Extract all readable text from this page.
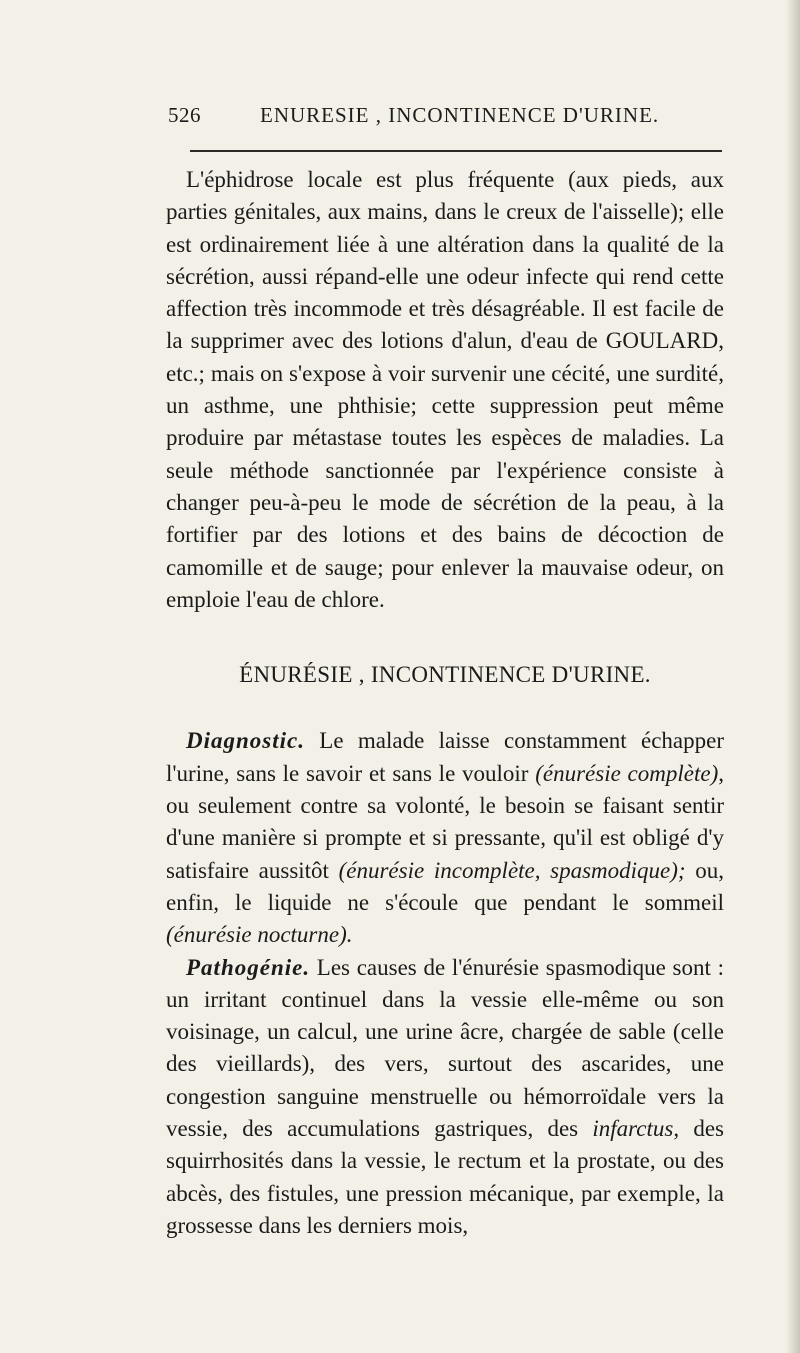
526	ENURESIE , INCONTINENCE D'URINE.

L'éphidrose locale est plus fréquente (aux pieds, aux parties génitales, aux mains, dans le creux de l'aisselle); elle est ordinairement liée à une altération dans la qualité de la sécrétion, aussi répand-elle une odeur infecte qui rend cette affection très incommode et très désagréable. Il est facile de la supprimer avec des lotions d'alun, d'eau de GOULARD, etc.; mais on s'expose à voir survenir une cécité, une surdité, un asthme, une phthisie; cette suppression peut même produire par métastase toutes les espèces de maladies. La seule méthode sanctionnée par l'expérience consiste à changer peu-à-peu le mode de sécrétion de la peau, à la fortifier par des lotions et des bains de décoction de camomille et de sauge; pour enlever la mauvaise odeur, on emploie l'eau de chlore.

ÉNURÉSIE , INCONTINENCE D'URINE.

Diagnostic. Le malade laisse constamment échapper l'urine, sans le savoir et sans le vouloir (énurésie complète), ou seulement contre sa volonté, le besoin se faisant sentir d'une manière si prompte et si pressante, qu'il est obligé d'y satisfaire aussitôt (énurésie incomplète, spasmodique); ou, enfin, le liquide ne s'écoule que pendant le sommeil (énurésie nocturne).

Pathogénie. Les causes de l'énurésie spasmodique sont : un irritant continuel dans la vessie elle-même ou son voisinage, un calcul, une urine âcre, chargée de sable (celle des vieillards), des vers, surtout des ascarides, une congestion sanguine menstruelle ou hémorroïdale vers la vessie, des accumulations gastriques, des infarctus, des squirrhosités dans la vessie, le rectum et la prostate, ou des abcès, des fistules, une pression mécanique, par exemple, la grossesse dans les derniers mois,
